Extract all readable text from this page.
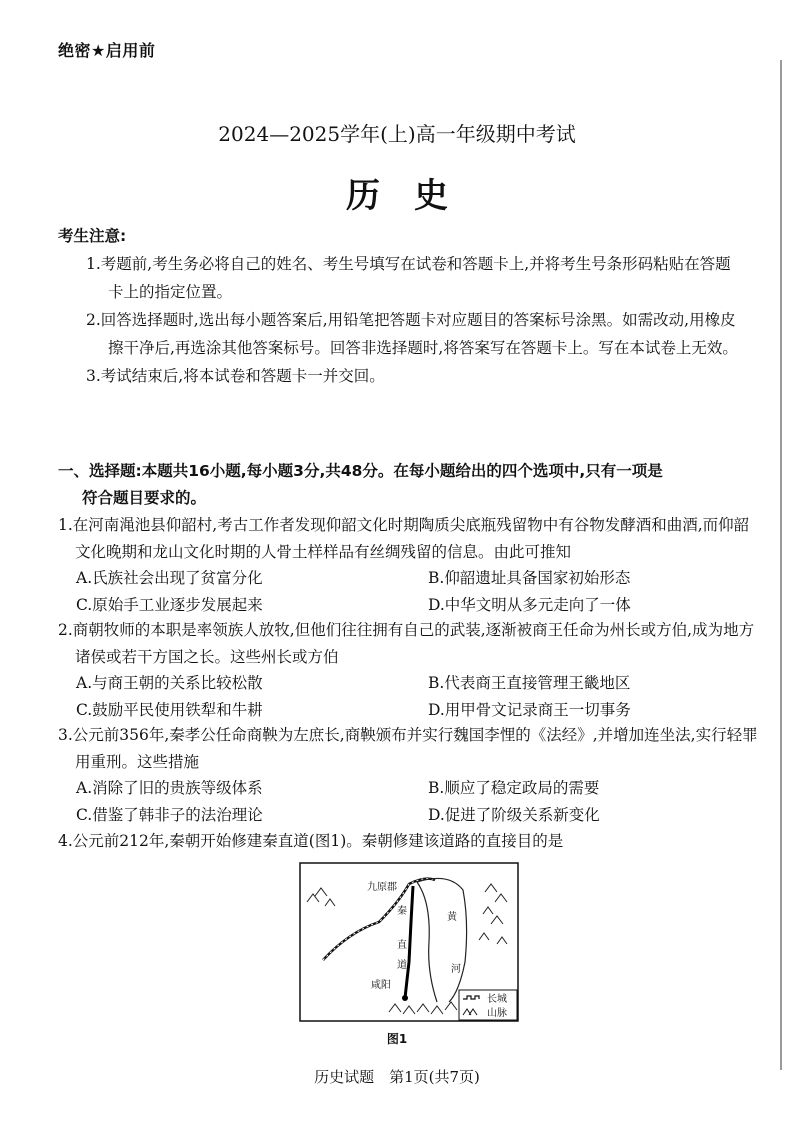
绝密★启用前
2024—2025学年(上)高一年级期中考试
历史
考生注意:
1.考题前,考生务必将自己的姓名、考生号填写在试卷和答题卡上,并将考生号条形码粘贴在答题卡上的指定位置。
2.回答选择题时,选出每小题答案后,用铅笔把答题卡对应题目的答案标号涂黑。如需改动,用橡皮擦干净后,再选涂其他答案标号。回答非选择题时,将答案写在答题卡上。写在本试卷上无效。
3.考试结束后,将本试卷和答题卡一并交回。
一、选择题:本题共16小题,每小题3分,共48分。在每小题给出的四个选项中,只有一项是
符合题目要求的。
1.在河南渑池县仰韶村,考古工作者发现仰韶文化时期陶质尖底瓶残留物中有谷物发酵酒和曲酒,而仰韶文化晚期和龙山文化时期的人骨土样样品有丝绸残留的信息。由此可推知
A.氏族社会出现了贫富分化	B.仰韶遗址具备国家初始形态
C.原始手工业逐步发展起来	D.中华文明从多元走向了一体
2.商朝牧师的本职是率领族人放牧,但他们往往拥有自己的武装,逐渐被商王任命为州长或方伯,成为地方诸侯或若干方国之长。这些州长或方伯
A.与商王朝的关系比较松散	B.代表商王直接管理王畿地区
C.鼓励平民使用铁犁和牛耕	D.用甲骨文记录商王一切事务
3.公元前356年,秦孝公任命商鞅为左庶长,商鞅颁布并实行魏国李悝的《法经》,并增加连坐法,实行轻罪用重刑。这些措施
A.消除了旧的贵族等级体系	B.顺应了稳定政局的需要
C.借鉴了韩非子的法治理论	D.促进了阶级关系新变化
4.公元前212年,秦朝开始修建秦直道(图1)。秦朝修建该道路的直接目的是
九原郡
秦
直
道
咸阳
黄
河
长城
山脉
图1
历史试题　第1页(共7页)
